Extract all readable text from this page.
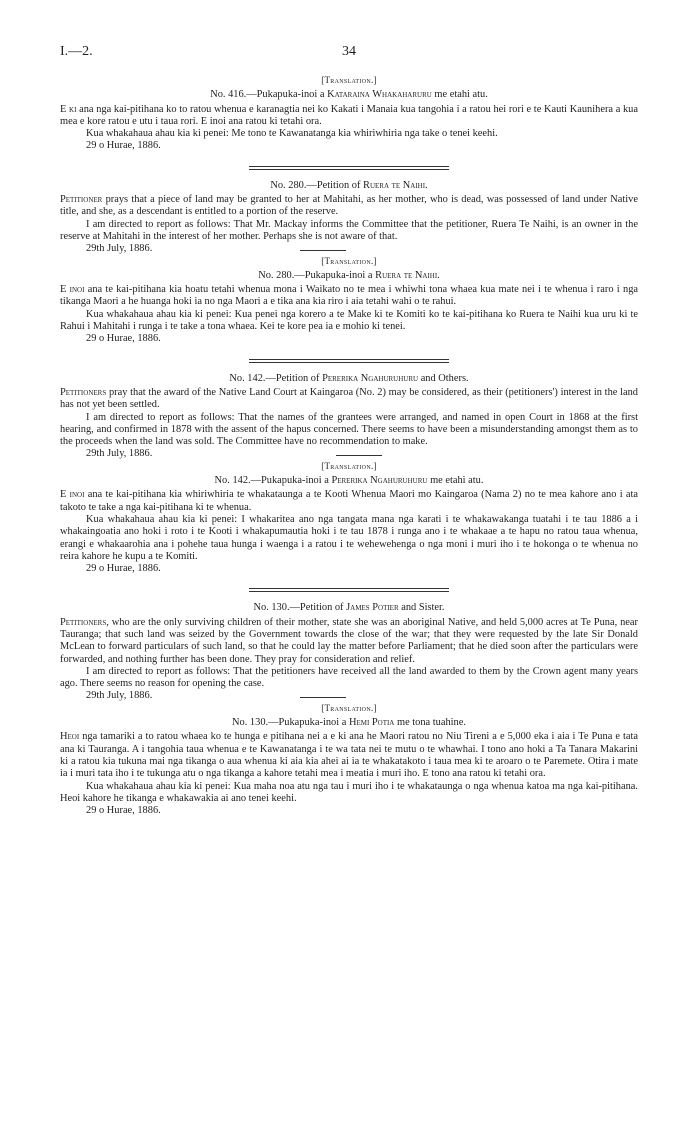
I.—2.	34
[Translation.]
No. 416.—Pukapuka-inoi a Kataraina Whakaharuru me etahi atu.

E ki ana nga kai-pitihana ko to ratou whenua e karanagtia nei ko Kakati i Manaia kua tangohia i a ratou hei rori e te Kauti Kaunihera a kua mea e kore ratou e utu i taua rori. E inoi ana ratou ki tetahi ora.

Kua whakahaua ahau kia ki penei: Me tono te Kawanatanga kia whiriwhiria nga take o tenei keehi.

29 o Hurae, 1886.
No. 280.—Petition of Ruera te Naihi.

Petitioner prays that a piece of land may be granted to her at Mahitahi, as her mother, who is dead, was possessed of land under Native title, and she, as a descendant is entitled to a portion of the reserve.

I am directed to report as follows: That Mr. Mackay informs the Committee that the petitioner, Ruera Te Naihi, is an owner in the reserve at Mahitahi in the interest of her mother. Perhaps she is not aware of that.

29th July, 1886.
[Translation.]
No. 280.—Pukapuka-inoi a Ruera te Naihi.

E inoi ana te kai-pitihana kia hoatu tetahi whenua mona i Waikato no te mea i whiwhi tona whaea kua mate nei i te whenua i raro i nga tikanga Maori a he huanga hoki ia no nga Maori a e tika ana kia riro i aia tetahi wahi o te rahui.

Kua whakahaua ahau kia ki penei: Kua penei nga korero a te Make ki te Komiti ko te kai-pitihana ko Ruera te Naihi kua uru ki te Rahui i Mahitahi i runga i te take a tona whaea. Kei te kore pea ia e mohio ki tenei.

29 o Hurae, 1886.
No. 142.—Petition of Pererika Ngahuruhuru and Others.

Petitioners pray that the award of the Native Land Court at Kaingaroa (No. 2) may be considered, as their (petitioners') interest in the land has not yet been settled.

I am directed to report as follows: That the names of the grantees were arranged, and named in open Court in 1868 at the first hearing, and confirmed in 1878 with the assent of the hapus concerned. There seems to have been a misunderstanding amongst them as to the proceeds when the land was sold. The Committee have no recommendation to make.

29th July, 1886.
[Translation.]
No. 142.—Pukapuka-inoi a Pererika Ngahuruhuru me etahi atu.

E inoi ana te kai-pitihana kia whiriwhiria te whakataunga a te Kooti Whenua Maori mo Kaingaroa (Nama 2) no te mea kahore ano i ata takoto te take a nga kai-pitihana ki te whenua.

Kua whakahaua ahau kia ki penei: I whakaritea ano nga tangata mana nga karati i te whakawakanga tuatahi i te tau 1886 a i whakaingoatia ano hoki i roto i te Kooti i whakapumautia hoki i te tau 1878 i runga ano i te whakaae a te hapu no ratou taua whenua, erangi e whakaarohia ana i pohehe taua hunga i waenga i a ratou i te wehewehenga o nga moni i muri iho i te hokonga o te whenua no reira kahore he kupu a te Komiti.

29 o Hurae, 1886.
No. 130.—Petition of James Potier and Sister.

Petitioners, who are the only surviving children of their mother, state she was an aboriginal Native, and held 5,000 acres at Te Puna, near Tauranga; that such land was seized by the Government towards the close of the war; that they were requested by the late Sir Donald McLean to forward particulars of such land, so that he could lay the matter before Parliament; that he died soon after the particulars were forwarded, and nothing further has been done. They pray for consideration and relief.

I am directed to report as follows: That the petitioners have received all the land awarded to them by the Crown agent many years ago. There seems no reason for opening the case.

29th July, 1886.
[Translation.]
No. 130.—Pukapuka-inoi a Hemi Potia me tona tuahine.

Heoi nga tamariki a to ratou whaea ko te hunga e pitihana nei a e ki ana he Maori ratou no Niu Tireni a e 5,000 eka i aia i Te Puna e tata ana ki Tauranga. A i tangohia taua whenua e te Kawanatanga i te wa tata nei te mutu o te whawhai. I tono ano hoki a Ta Tanara Makarini ki a ratou kia tukuna mai nga tikanga o aua whenua ki aia kia ahei ai ia te whakatakoto i taua mea ki te aroaro o te Paremete. Otira i mate ia i muri tata iho i te tukunga atu o nga tikanga a kahore tetahi mea i meatia i muri iho. E tono ana ratou ki tetahi ora.

Kua whakahaua ahau kia ki penei: Kua maha noa atu nga tau i muri iho i te whakataunga o nga whenua katoa ma nga kai-pitihana. Heoi kahore he tikanga e whakawakia ai ano tenei keehi.

29 o Hurae, 1886.
